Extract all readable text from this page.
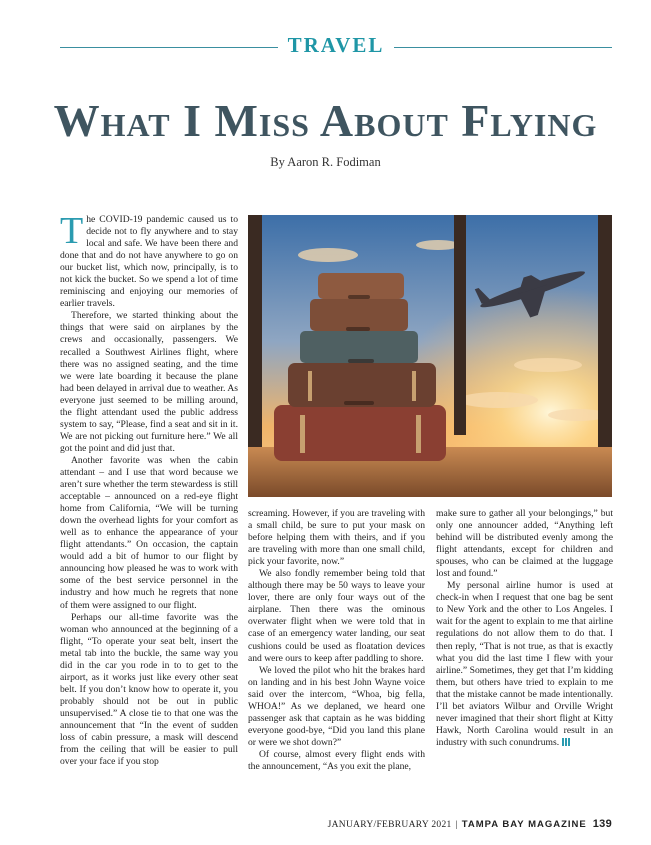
TRAVEL
What I Miss About Flying
By Aaron R. Fodiman

The COVID-19 pandemic caused us to decide not to fly anywhere and to stay local and safe. We have been there and done that and do not have anywhere to go on our bucket list, which now, principally, is to not kick the bucket. So we spend a lot of time reminiscing and enjoying our memories of earlier travels.

Therefore, we started thinking about the things that were said on airplanes by the crews and occasionally, passengers. We recalled a Southwest Airlines flight, where there was no assigned seating, and the time we were late boarding it because the plane had been delayed in arrival due to weather. As everyone just seemed to be milling around, the flight attendant used the public address system to say, “Please, find a seat and sit in it. We are not picking out furniture here.” We all got the point and did just that.

Another favorite was when the cabin attendant – and I use that word because we aren’t sure whether the term stewardess is still acceptable – announced on a red-eye flight home from California, “We will be turning down the overhead lights for your comfort as well as to enhance the appearance of your flight attendants.” On occasion, the captain would add a bit of humor to our flight by announcing how pleased he was to work with some of the best service personnel in the industry and how much he regrets that none of them were assigned to our flight.

Perhaps our all-time favorite was the woman who announced at the beginning of a flight, “To operate your seat belt, insert the metal tab into the buckle, the same way you did in the car you rode in to to get to the airport, as it works just like every other seat belt. If you don’t know how to operate it, you probably should not be out in public unsupervised.” A close tie to that one was the announcement that “In the event of sudden loss of cabin pressure, a mask will descend from the ceiling that will be easier to pull over your face if you stop

screaming. However, if you are traveling with a small child, be sure to put your mask on before helping them with theirs, and if you are traveling with more than one small child, pick your favorite, now.”

We also fondly remember being told that although there may be 50 ways to leave your lover, there are only four ways out of the airplane. Then there was the ominous overwater flight when we were told that in case of an emergency water landing, our seat cushions could be used as floatation devices and were ours to keep after paddling to shore.

We loved the pilot who hit the brakes hard on landing and in his best John Wayne voice said over the intercom, “Whoa, big fella, WHOA!” As we deplaned, we heard one passenger ask that captain as he was bidding everyone good-bye, “Did you land this plane or were we shot down?”

Of course, almost every flight ends with the announcement, “As you exit the plane,

make sure to gather all your belongings,” but only one announcer added, “Anything left behind will be distributed evenly among the flight attendants, except for children and spouses, who can be claimed at the luggage lost and found.”

My personal airline humor is used at check-in when I request that one bag be sent to New York and the other to Los Angeles. I wait for the agent to explain to me that airline regulations do not allow them to do that. I then reply, “That is not true, as that is exactly what you did the last time I flew with your airline.” Sometimes, they get that I’m kidding them, but others have tried to explain to me that the mistake cannot be made intentionally. I’ll bet aviators Wilbur and Orville Wright never imagined that their short flight at Kitty Hawk, North Carolina would result in an industry with such conundrums.

JANUARY/FEBRUARY 2021 | TAMPA BAY MAGAZINE 139
